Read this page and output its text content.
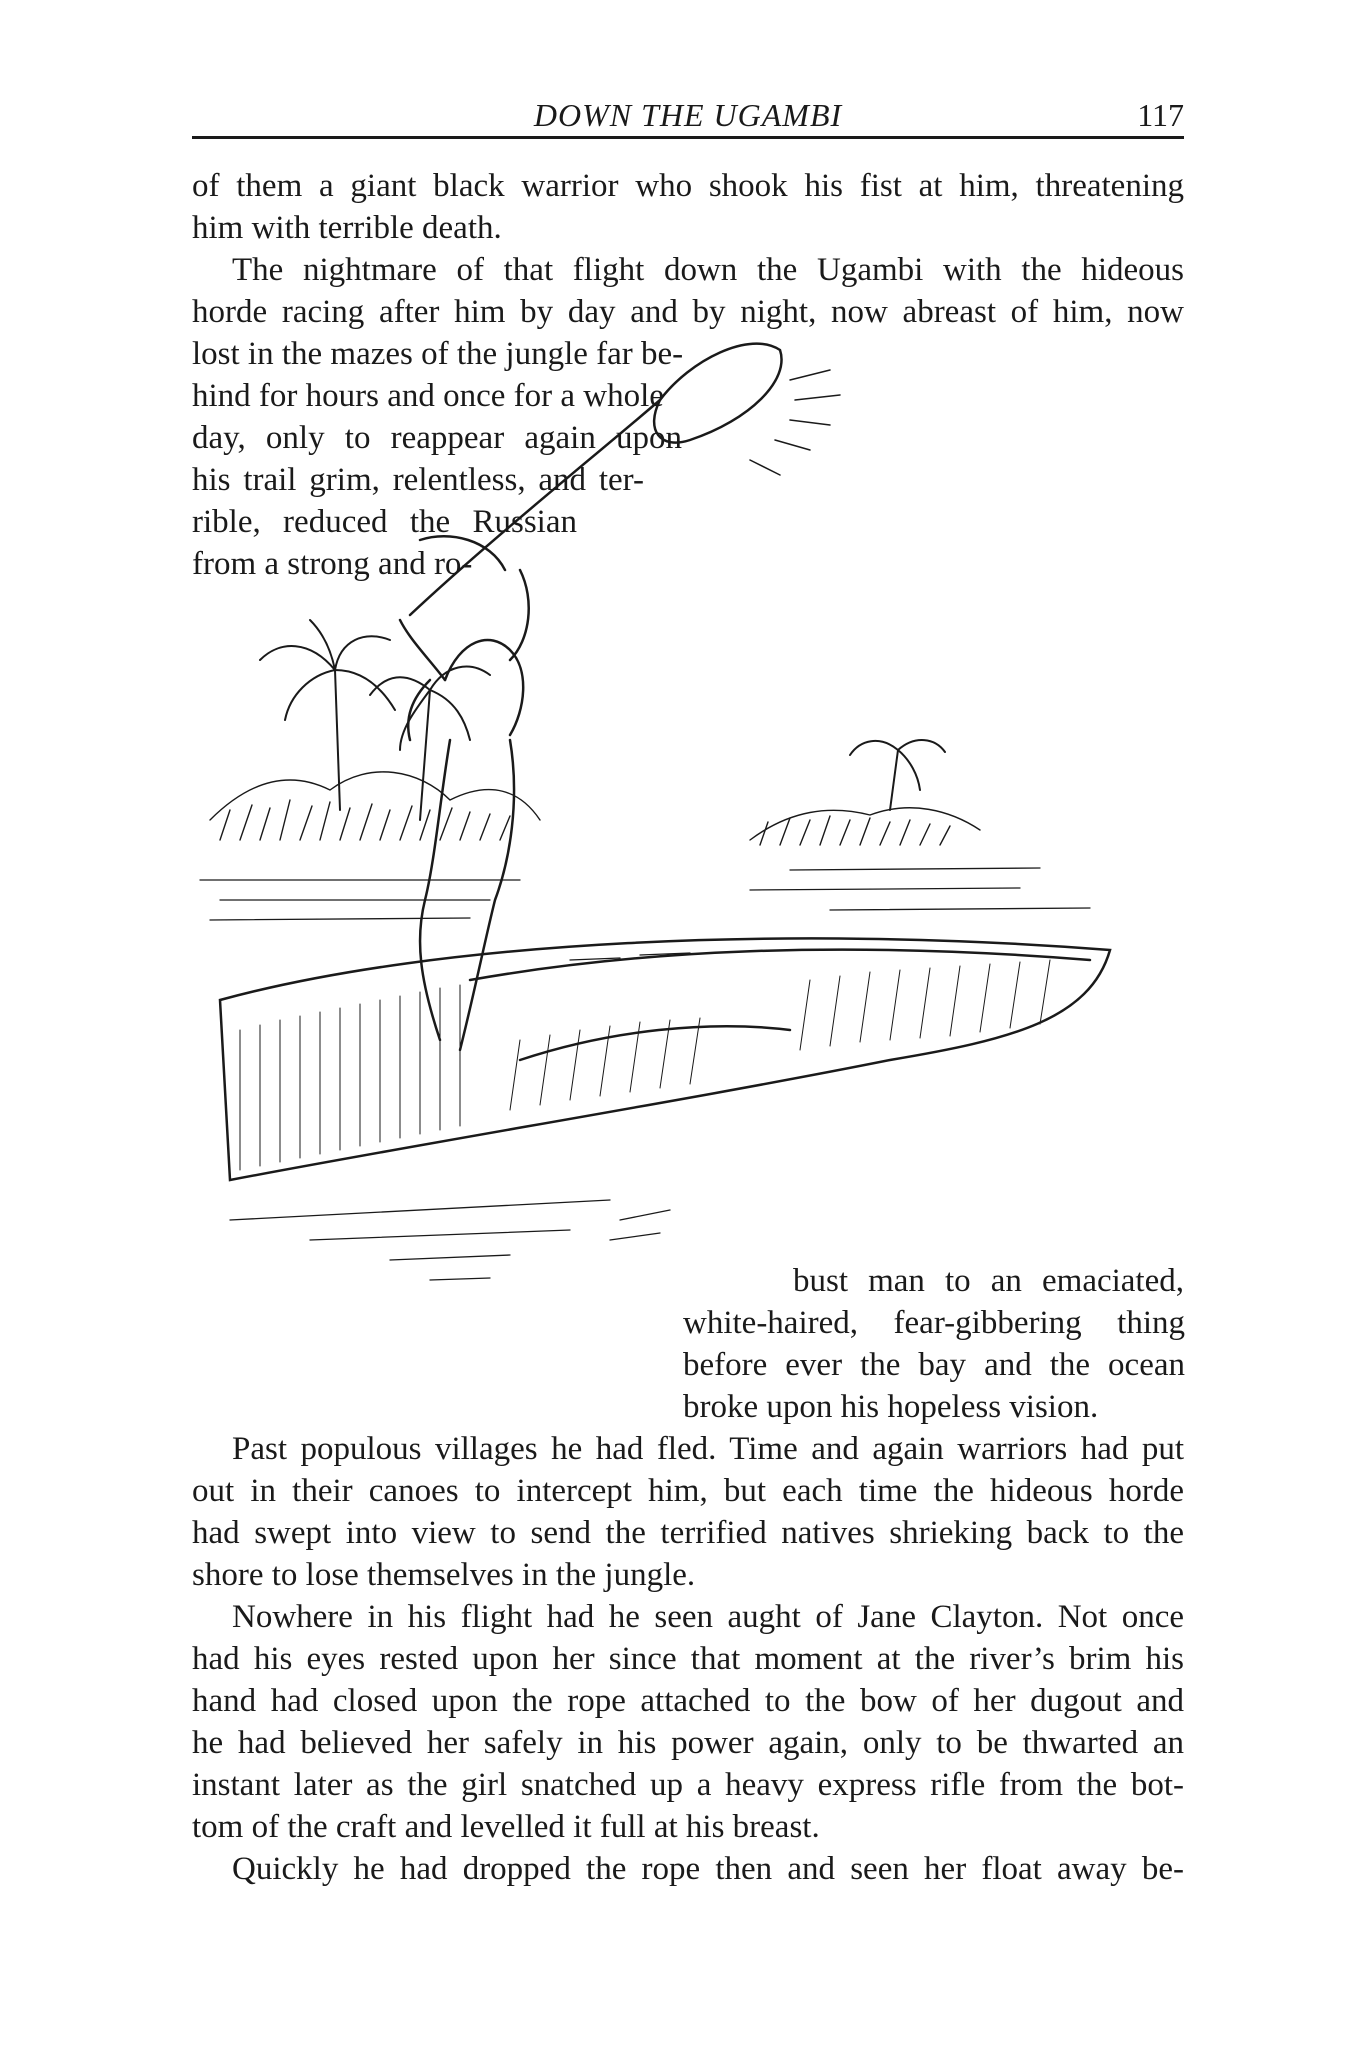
DOWN THE UGAMBI	117
of them a giant black warrior who shook his fist at him, threatening
him with terrible death.
The nightmare of that flight down the Ugambi with the hideous
horde racing after him by day and by night, now abreast of him, now
lost in the mazes of the jungle far be-
hind for hours and once for a whole
day, only to reappear again upon
his trail grim, relentless, and ter-
rible, reduced the Russian
from a strong and ro-
bust man to an emaciated,
white-haired, fear-gibbering thing
before ever the bay and the ocean
broke upon his hopeless vision.
Past populous villages he had fled. Time and again warriors had put
out in their canoes to intercept him, but each time the hideous horde
had swept into view to send the terrified natives shrieking back to the
shore to lose themselves in the jungle.
Nowhere in his flight had he seen aught of Jane Clayton. Not once
had his eyes rested upon her since that moment at the river’s brim his
hand had closed upon the rope attached to the bow of her dugout and
he had believed her safely in his power again, only to be thwarted an
instant later as the girl snatched up a heavy express rifle from the bot-
tom of the craft and levelled it full at his breast.
Quickly he had dropped the rope then and seen her float away be-
